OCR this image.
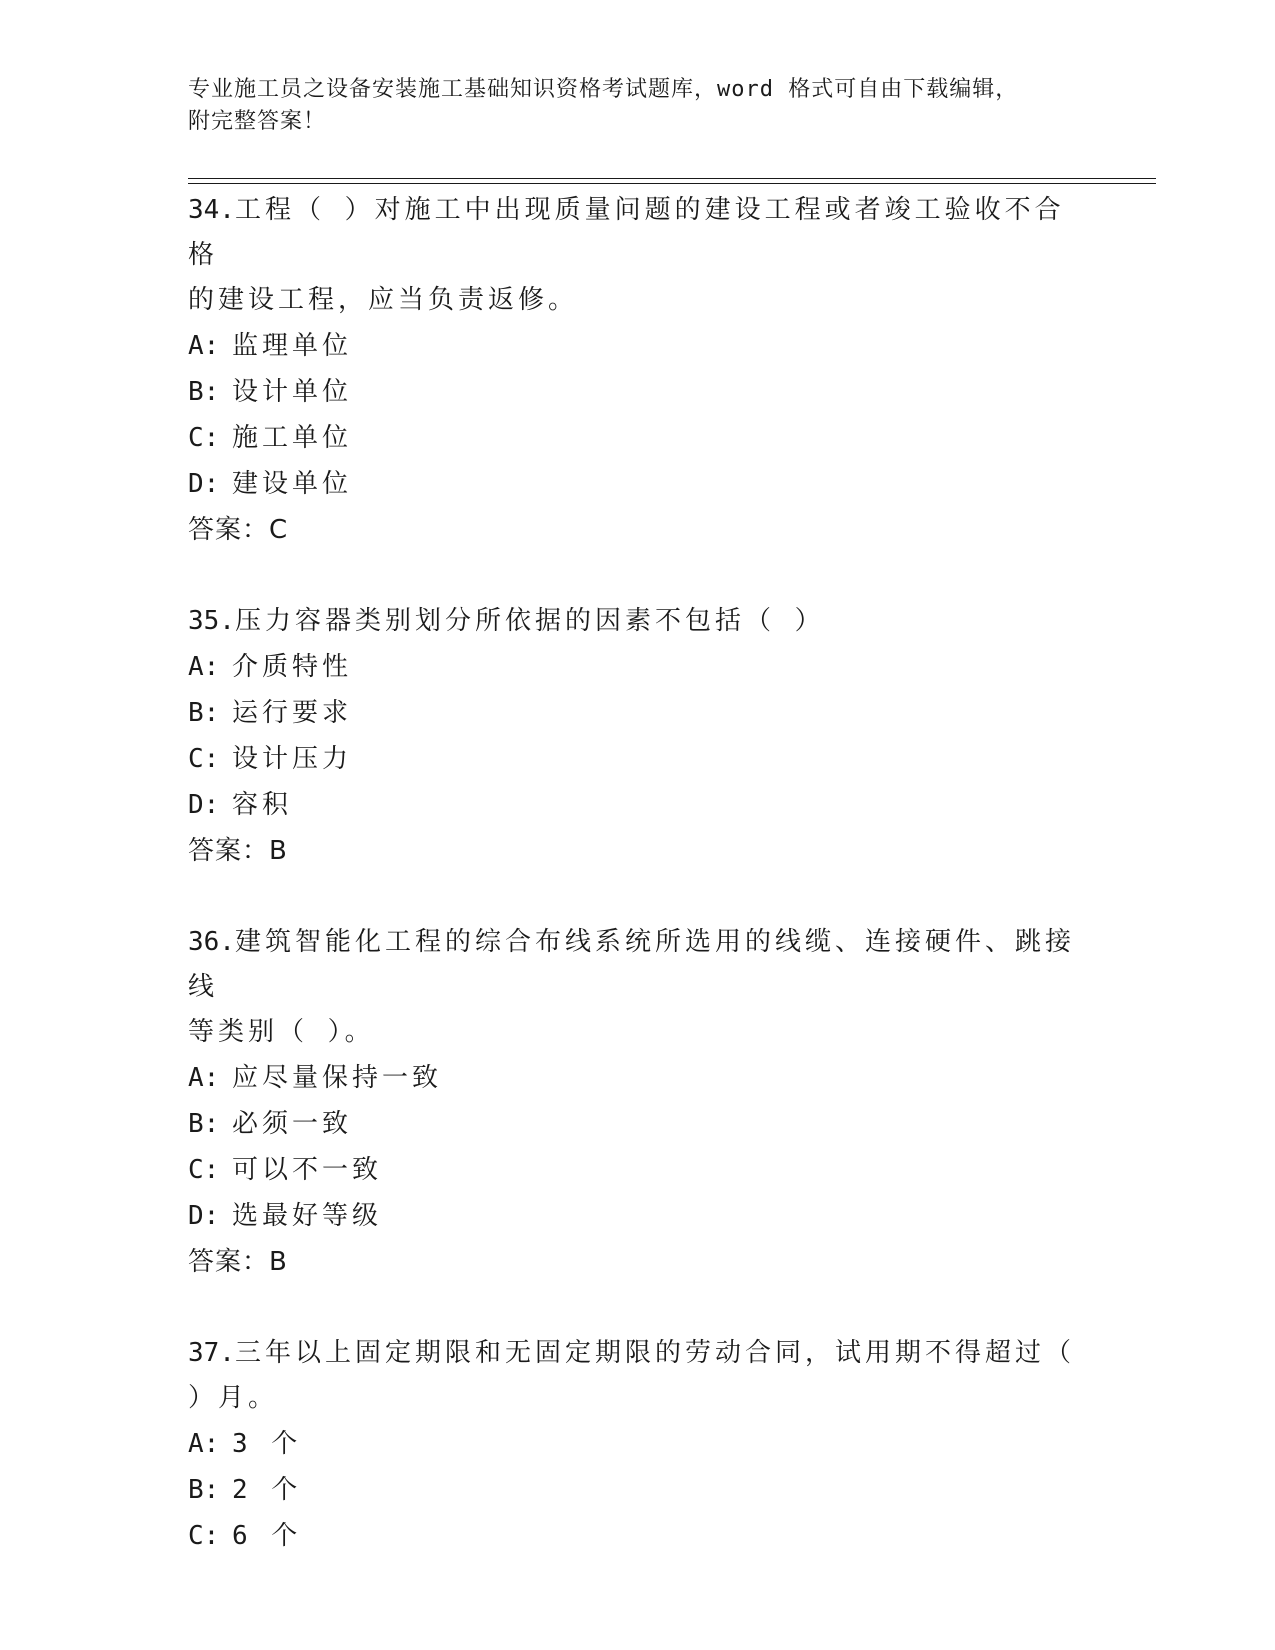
专业施工员之设备安装施工基础知识资格考试题库，word 格式可自由下载编辑，
附完整答案！

34.工程（ ）对施工中出现质量问题的建设工程或者竣工验收不合格

的建设工程，应当负责返修。

A: 监理单位
B: 设计单位
C: 施工单位
D: 建设单位
答案：C

35.压力容器类别划分所依据的因素不包括（ ）

A: 介质特性
B: 运行要求
C: 设计压力
D: 容积
答案：B

36.建筑智能化工程的综合布线系统所选用的线缆、连接硬件、跳接线

等类别（ ）。

A: 应尽量保持一致
B: 必须一致
C: 可以不一致
D: 选最好等级
答案：B

37.三年以上固定期限和无固定期限的劳动合同，试用期不得超过（

）月。

A: 3 个
B: 2 个
C: 6 个
